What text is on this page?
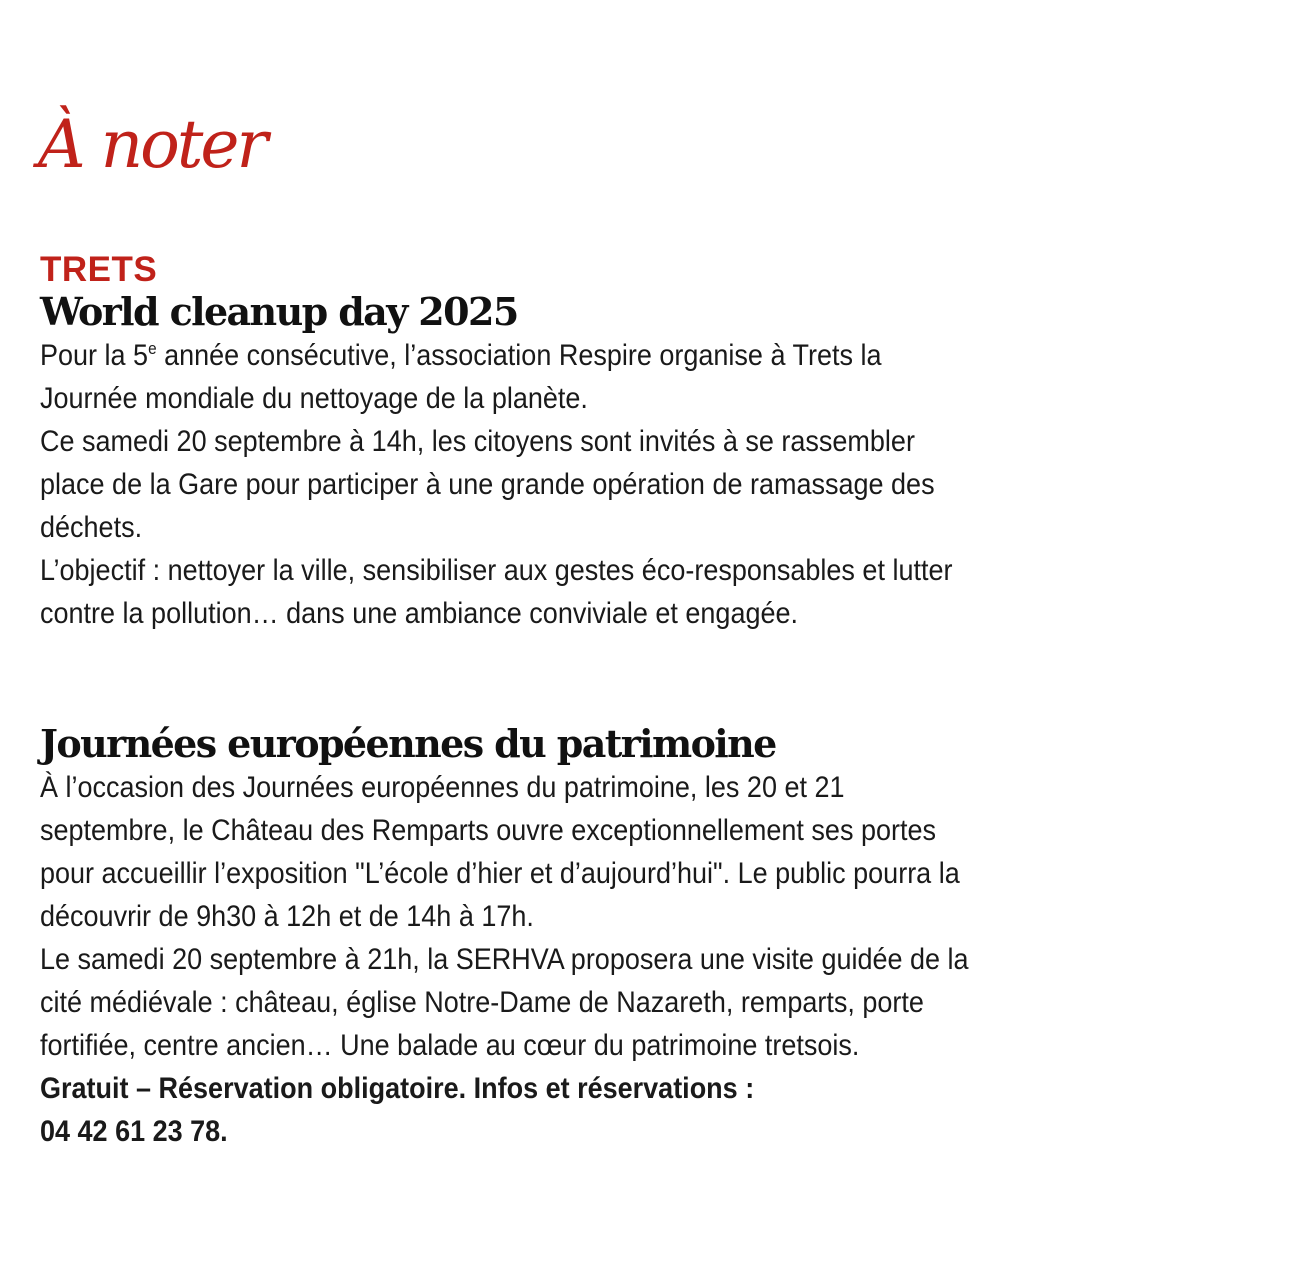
À noter
TRETS
World cleanup day 2025

Pour la 5e année consécutive, l’association Respire organise à Trets la Journée mondiale du nettoyage de la planète.

Ce samedi 20 septembre à 14h, les citoyens sont invités à se rassembler place de la Gare pour participer à une grande opération de ramassage des déchets.

L’objectif : nettoyer la ville, sensibiliser aux gestes éco-responsables et lutter contre la pollution… dans une ambiance conviviale et engagée.

Journées européennes du patrimoine

À l’occasion des Journées européennes du patrimoine, les 20 et 21 septembre, le Château des Remparts ouvre exceptionnellement ses portes pour accueillir l’exposition "L’école d’hier et d’aujourd’hui". Le public pourra la découvrir de 9h30 à 12h et de 14h à 17h.

Le samedi 20 septembre à 21h, la SERHVA proposera une visite guidée de la cité médiévale : château, église Notre-Dame de Nazareth, remparts, porte fortifiée, centre ancien… Une balade au cœur du patrimoine tretsois.

Gratuit – Réservation obligatoire. Infos et réservations :

04 42 61 23 78.
